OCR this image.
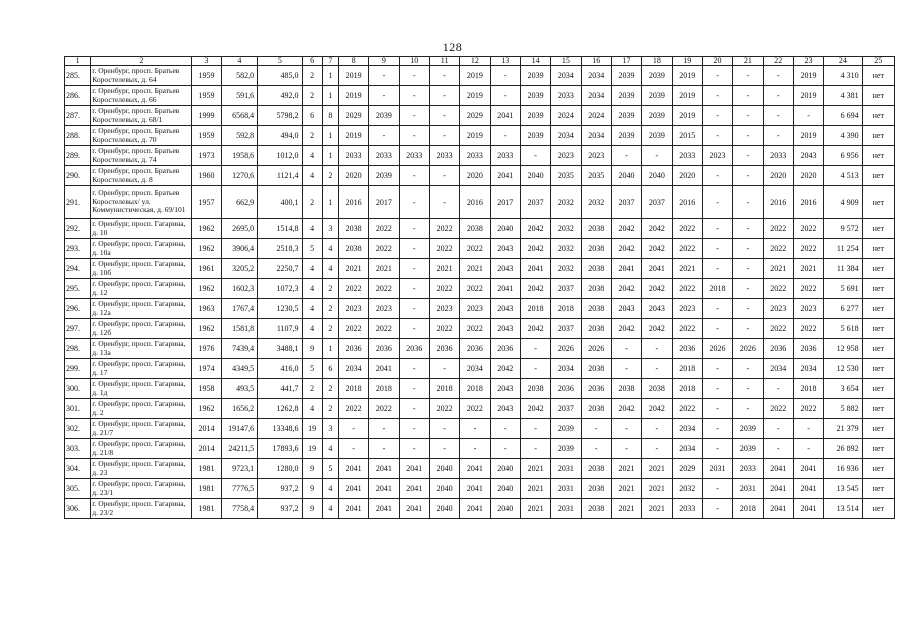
128
1	2	3	4	5	6	7	8	9	10	11	12	13	14	15	16	17	18	19	20	21	22	23	24	25
285.	г. Оренбург, просп. Братьев Коростелевых, д. 64	1959	582,0	485,0	2	1	2019	-	-	-	2019	-	2039	2034	2034	2039	2039	2019	-	-	-	2019	4 310	нет
286.	г. Оренбург, просп. Братьев Коростелевых, д. 66	1959	591,6	492,0	2	1	2019	-	-	-	2019	-	2039	2033	2034	2039	2039	2019	-	-	-	2019	4 381	нет
287.	г. Оренбург, просп. Братьев Коростелевых, д. 68/1	1999	6568,4	5798,2	6	8	2029	2039	-	-	2029	2041	2039	2024	2024	2039	2039	2019	-	-	-	-	6 694	нет
288.	г. Оренбург, просп. Братьев Коростелевых, д. 70	1959	592,8	494,0	2	1	2019	-	-	-	2019	-	2039	2034	2034	2039	2039	2015	-	-	-	2019	4 390	нет
289.	г. Оренбург, просп. Братьев Коростелевых, д. 74	1973	1958,6	1012,0	4	1	2033	2033	2033	2033	2033	2033	-	2023	2023	-	-	2033	2023	-	2033	2043	6 956	нет
290.	г. Оренбург, просп. Братьев Коростелевых, д. 8	1960	1270,6	1121,4	4	2	2020	2039	-	-	2020	2041	2040	2035	2035	2040	2040	2020	-	-	2020	2020	4 513	нет
291.	г. Оренбург, просп. Братьев Коростелевых/ ул. Коммунистическая, д. 69/101	1957	662,9	400,1	2	1	2016	2017	-	-	2016	2017	2037	2032	2032	2037	2037	2016	-	-	2016	2016	4 909	нет
292.	г. Оренбург, просп. Гагарина, д. 10	1962	2695,0	1514,8	4	3	2038	2022	-	2022	2038	2040	2042	2032	2038	2042	2042	2022	-	-	2022	2022	9 572	нет
293.	г. Оренбург, просп. Гагарина, д. 10а	1962	3906,4	2518,3	5	4	2038	2022	-	2022	2022	2043	2042	2032	2038	2042	2042	2022	-	-	2022	2022	11 254	нет
294.	г. Оренбург, просп. Гагарина, д. 10б	1961	3205,2	2250,7	4	4	2021	2021	-	2021	2021	2043	2041	2032	2038	2041	2041	2021	-	-	2021	2021	11 384	нет
295.	г. Оренбург, просп. Гагарина, д. 12	1962	1602,3	1072,3	4	2	2022	2022	-	2022	2022	2041	2042	2037	2038	2042	2042	2022	2018	-	2022	2022	5 691	нет
296.	г. Оренбург, просп. Гагарина, д. 12а	1963	1767,4	1230,5	4	2	2023	2023	-	2023	2023	2043	2018	2018	2038	2043	2043	2023	-	-	2023	2023	6 277	нет
297.	г. Оренбург, просп. Гагарина, д. 12б	1962	1581,8	1107,9	4	2	2022	2022	-	2022	2022	2043	2042	2037	2038	2042	2042	2022	-	-	2022	2022	5 618	нет
298.	г. Оренбург, просп. Гагарина, д. 13а	1976	7439,4	3488,1	9	1	2036	2036	2036	2036	2036	2036	-	2026	2026	-	-	2036	2026	2026	2036	2036	12 958	нет
299.	г. Оренбург, просп. Гагарина, д. 17	1974	4349,5	416,0	5	6	2034	2041	-	-	2034	2042	-	2034	2038	-	-	2018	-	-	2034	2034	12 530	нет
300.	г. Оренбург, просп. Гагарина, д. 1д	1958	493,5	441,7	2	2	2018	2018	-	2018	2018	2043	2038	2036	2036	2038	2038	2018	-	-	-	2018	3 654	нет
301.	г. Оренбург, просп. Гагарина, д. 2	1962	1656,2	1262,8	4	2	2022	2022	-	2022	2022	2043	2042	2037	2038	2042	2042	2022	-	-	2022	2022	5 882	нет
302.	г. Оренбург, просп. Гагарина, д. 21/7	2014	19147,6	13348,6	19	3	-	-	-	-	-	-	-	2039	-	-	-	2034	-	2039	-	-	21 379	нет
303.	г. Оренбург, просп. Гагарина, д. 21/8	2014	24211,5	17893,6	19	4	-	-	-	-	-	-	-	2039	-	-	-	2034	-	2039	-	-	26 892	нет
304.	г. Оренбург, просп. Гагарина, д. 23	1981	9723,1	1280,0	9	5	2041	2041	2041	2040	2041	2040	2021	2031	2038	2021	2021	2029	2031	2033	2041	2041	16 936	нет
305.	г. Оренбург, просп. Гагарина, д. 23/1	1981	7776,5	937,2	9	4	2041	2041	2041	2040	2041	2040	2021	2031	2038	2021	2021	2032	-	2031	2041	2041	13 545	нет
306.	г. Оренбург, просп. Гагарина, д. 23/2	1981	7758,4	937,2	9	4	2041	2041	2041	2040	2041	2040	2021	2031	2038	2021	2021	2033	-	2018	2041	2041	13 514	нет
